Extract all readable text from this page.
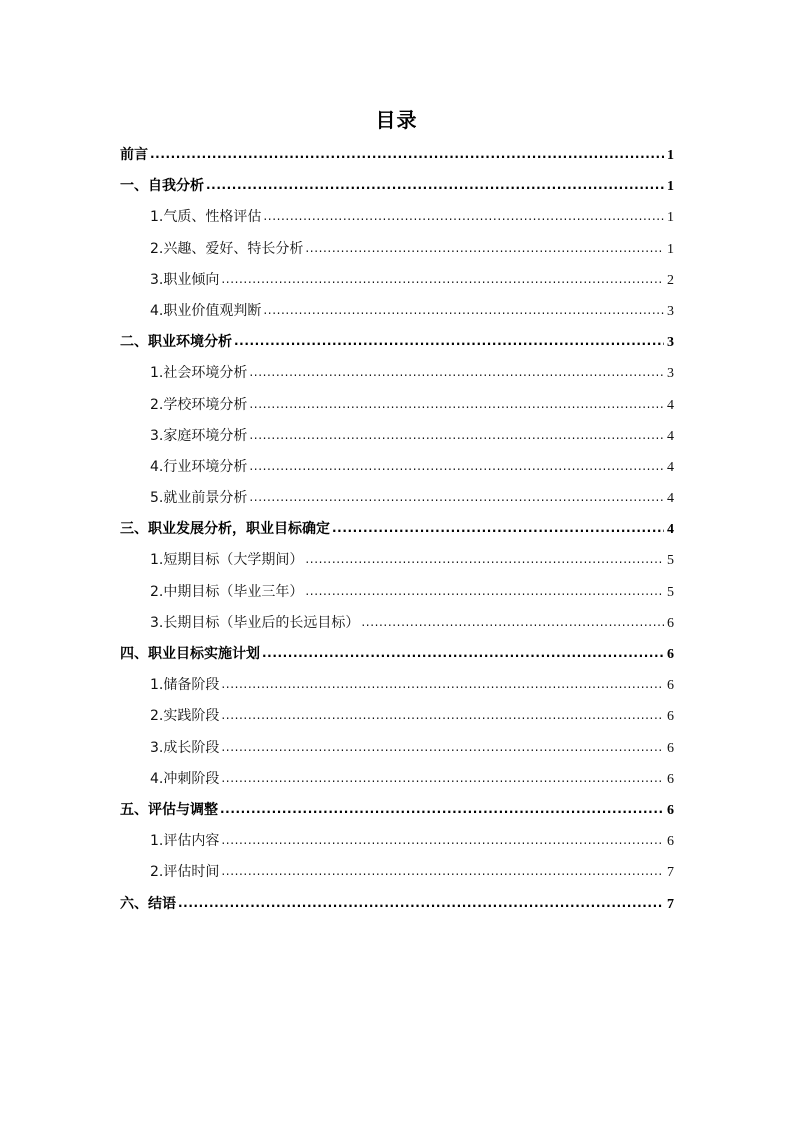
目录
前言 .....	1
一、自我分析 .....	1
1.气质、性格评估 .....	1
2.兴趣、爱好、特长分析 .....	1
3.职业倾向 .....	2
4.职业价值观判断 .....	3
二、职业环境分析 .....	3
1.社会环境分析 .....	3
2.学校环境分析 .....	4
3.家庭环境分析 .....	4
4.行业环境分析 .....	4
5.就业前景分析 .....	4
三、职业发展分析，职业目标确定 .....	4
1.短期目标（大学期间） .....	5
2.中期目标（毕业三年） .....	5
3.长期目标（毕业后的长远目标） .....	6
四、职业目标实施计划 .....	6
1.储备阶段 .....	6
2.实践阶段 .....	6
3.成长阶段 .....	6
4.冲刺阶段 .....	6
五、评估与调整 .....	6
1.评估内容 .....	6
2.评估时间 .....	7
六、结语 .....	7
